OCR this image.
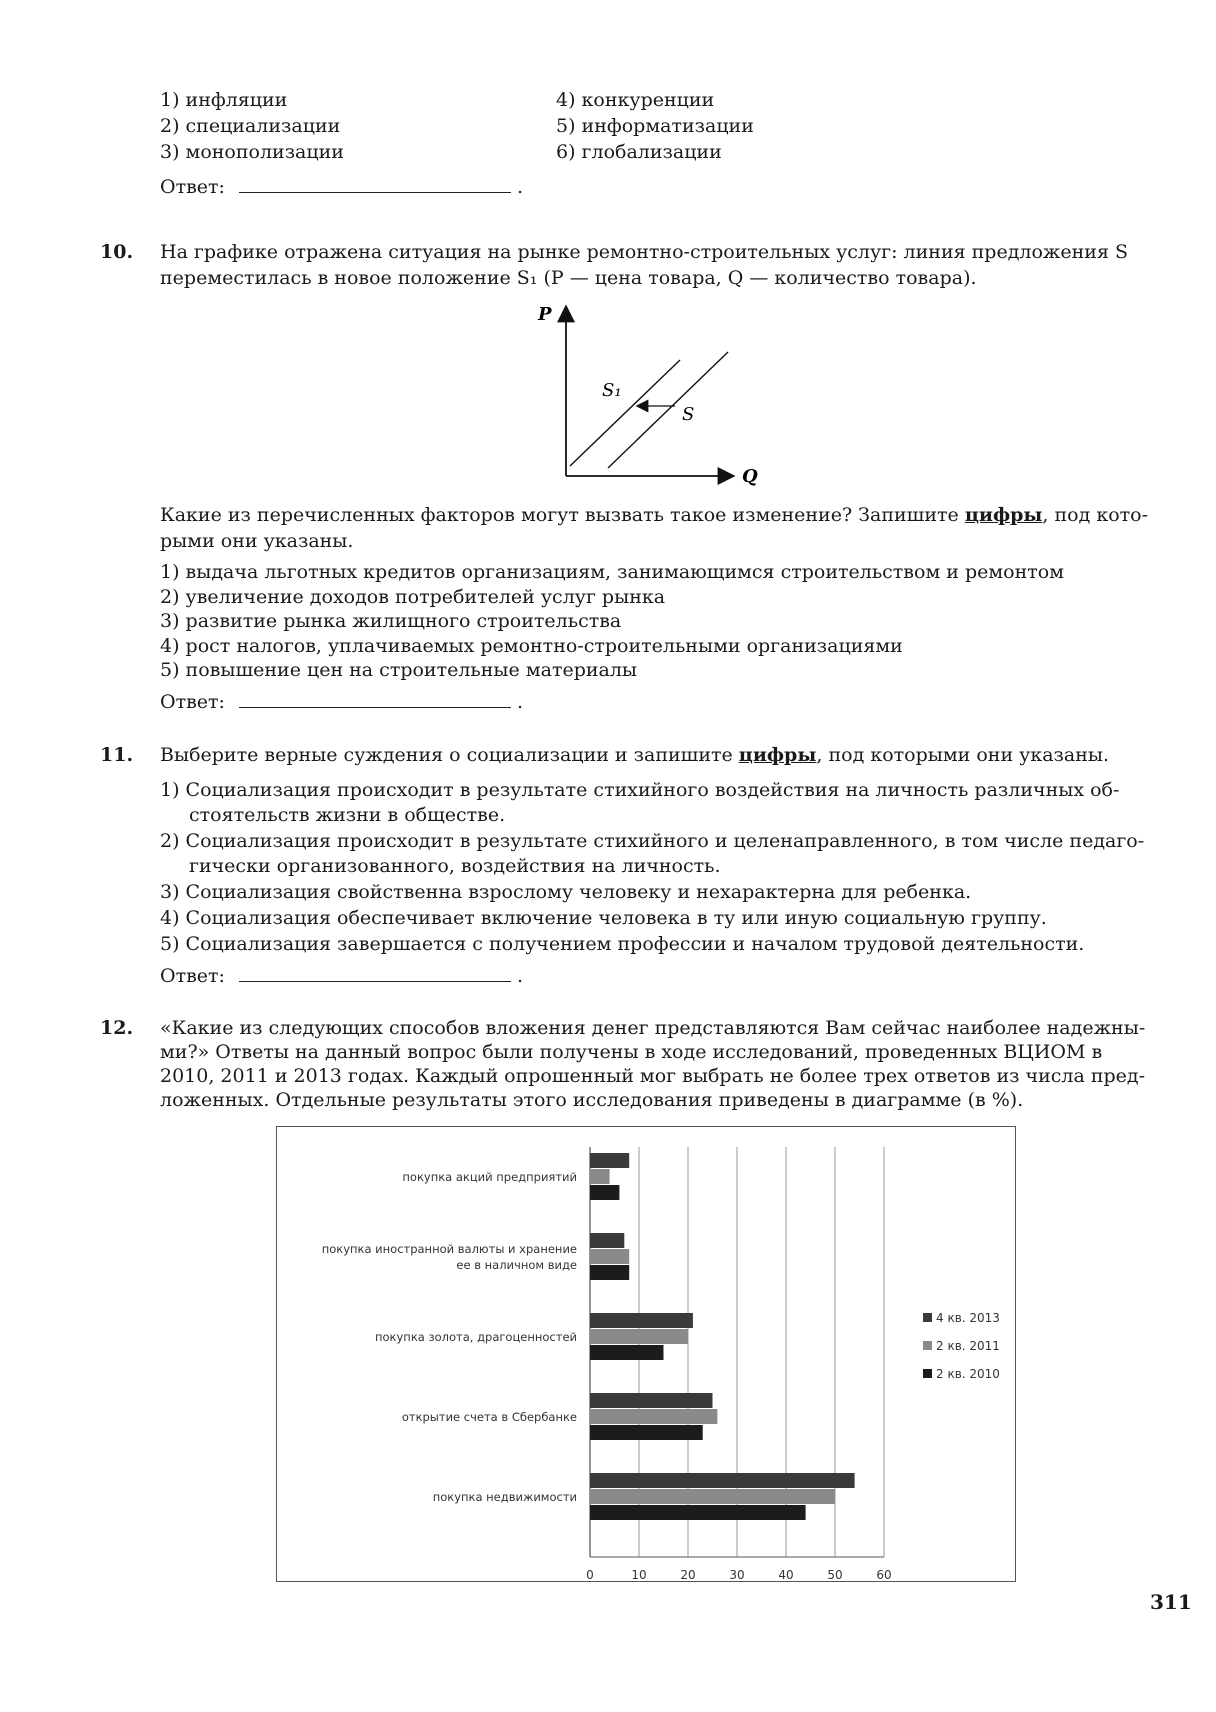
1) инфляции
2) специализации
3) монополизации
4) конкуренции
5) информатизации
6) глобализации
Ответ:	.
10. На графике отражена ситуация на рынке ремонтно-строительных услуг: линия предложения S
переместилась в новое положение S₁ (P — цена товара, Q — количество товара).
P
Q
S₁
S
Какие из перечисленных факторов могут вызвать такое изменение? Запишите цифры, под кото-
рыми они указаны.
1) выдача льготных кредитов организациям, занимающимся строительством и ремонтом
2) увеличение доходов потребителей услуг рынка
3) развитие рынка жилищного строительства
4) рост налогов, уплачиваемых ремонтно-строительными организациями
5) повышение цен на строительные материалы
Ответ:	.
11. Выберите верные суждения о социализации и запишите цифры, под которыми они указаны.
1) Социализация происходит в результате стихийного воздействия на личность различных об-
стоятельств жизни в обществе.
2) Социализация происходит в результате стихийного и целенаправленного, в том числе педаго-
гически организованного, воздействия на личность.
3) Социализация свойственна взрослому человеку и нехарактерна для ребенка.
4) Социализация обеспечивает включение человека в ту или иную социальную группу.
5) Социализация завершается с получением профессии и началом трудовой деятельности.
Ответ:	.
12. «Какие из следующих способов вложения денег представляются Вам сейчас наиболее надежны-
ми?» Ответы на данный вопрос были получены в ходе исследований, проведенных ВЦИОМ в
2010, 2011 и 2013 годах. Каждый опрошенный мог выбрать не более трех ответов из числа пред-
ложенных. Отдельные результаты этого исследования приведены в диаграмме (в %).
0	10	20	30	40	50	60
покупка акций предприятий
покупка иностранной валюты и хранение
ее в наличном виде
покупка золота, драгоценностей
открытие счета в Сбербанке
покупка недвижимости
4 кв. 2013
2 кв. 2011
2 кв. 2010
311
